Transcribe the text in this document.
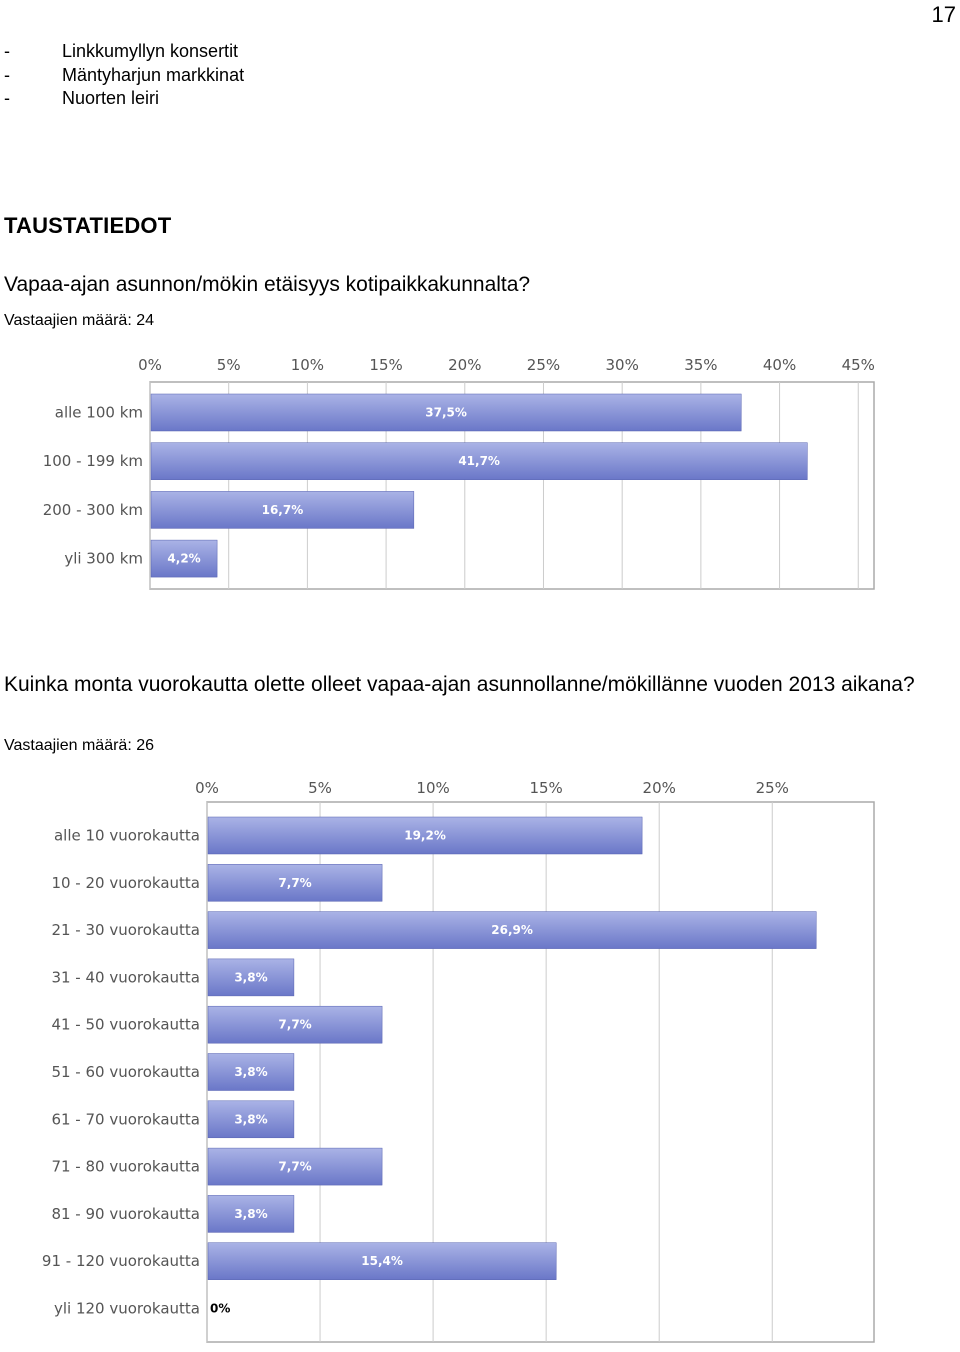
17
- Linkkumyllyn konsertit
- Mäntyharjun markkinat
- Nuorten leiri
TAUSTATIEDOT
Vapaa-ajan asunnon/mökin etäisyys kotipaikkakunnalta?
Vastaajien määrä: 24
0%	5%	10%	15%	20%	25%	30%	35%	40%	45%
alle 100 km	37,5%
100 - 199 km	41,7%
200 - 300 km	16,7%
yli 300 km 4,2%
Kuinka monta vuorokautta olette olleet vapaa-ajan asunnollanne/mökillänne vuoden 2013 aikana?
Vastaajien määrä: 26
0%	5%	10%	15%	20%	25%
alle 10 vuorokautta	19,2%
10 - 20 vuorokautta	7,7%
21 - 30 vuorokautta	26,9%
31 - 40 vuorokautta	3,8%
41 - 50 vuorokautta	7,7%
51 - 60 vuorokautta	3,8%
61 - 70 vuorokautta	3,8%
71 - 80 vuorokautta	7,7%
81 - 90 vuorokautta	3,8%
91 - 120 vuorokautta	15,4%
yli 120 vuorokautta 0%
